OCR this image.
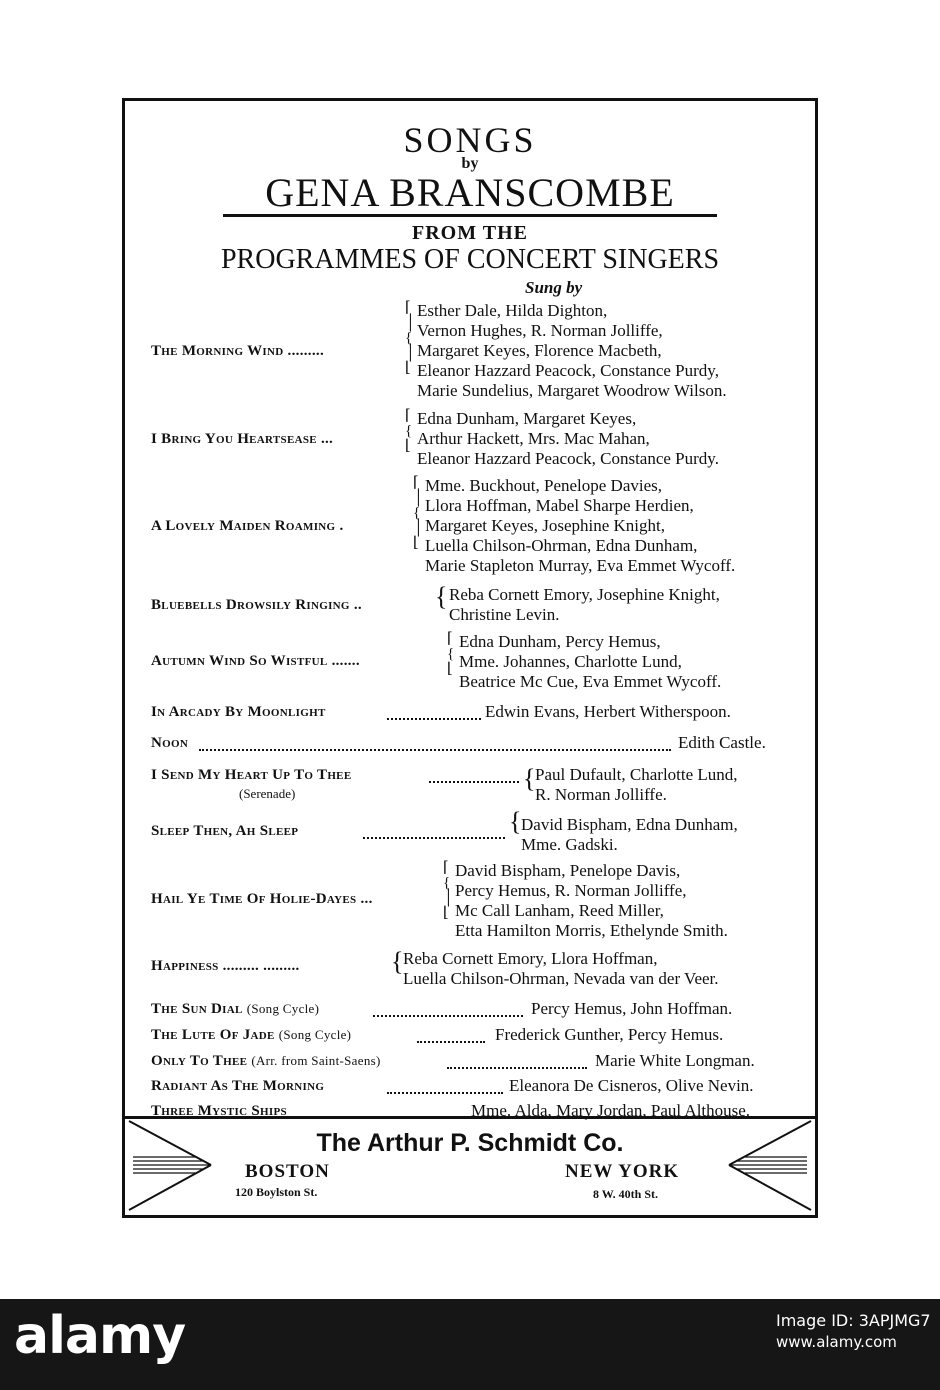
SONGS
by
GENA BRANSCOMBE
FROM THE
PROGRAMMES OF CONCERT SINGERS
Sung by
The Morning Wind .........
⌈
│
{
│
⌊
Esther Dale, Hilda Dighton,
Vernon Hughes, R. Norman Jolliffe,
Margaret Keyes, Florence Macbeth,
Eleanor Hazzard Peacock, Constance Purdy,
Marie Sundelius, Margaret Woodrow Wilson.
I Bring You Heartsease ...
⌈
{
⌊
Edna Dunham, Margaret Keyes,
Arthur Hackett, Mrs. Mac Mahan,
Eleanor Hazzard Peacock, Constance Purdy.
A Lovely Maiden Roaming .
⌈
│
{
│
⌊
Mme. Buckhout, Penelope Davies,
Llora Hoffman, Mabel Sharpe Herdien,
Margaret Keyes, Josephine Knight,
Luella Chilson-Ohrman, Edna Dunham,
Marie Stapleton Murray, Eva Emmet Wycoff.
Bluebells Drowsily Ringing ..	{ Reba Cornett Emory, Josephine Knight,
Christine Levin.
Autumn Wind So Wistful .......
⌈
{
⌊
Edna Dunham, Percy Hemus,
Mme. Johannes, Charlotte Lund,
Beatrice Mc Cue, Eva Emmet Wycoff.
In Arcady By Moonlight	Edwin Evans, Herbert Witherspoon.
Noon	Edith Castle.
I Send My Heart Up To Thee
(Serenade)
{ Paul Dufault, Charlotte Lund,
R. Norman Jolliffe.
Sleep Then, Ah Sleep	{ David Bispham, Edna Dunham,
Mme. Gadski.
Hail Ye Time Of Holie-Dayes ...
⌈
{
│
⌊
David Bispham, Penelope Davis,
Percy Hemus, R. Norman Jolliffe,
Mc Call Lanham, Reed Miller,
Etta Hamilton Morris, Ethelynde Smith.
Happiness ......... .........	{ Reba Cornett Emory, Llora Hoffman,
Luella Chilson-Ohrman, Nevada van der Veer.
The Sun Dial (Song Cycle)	Percy Hemus, John Hoffman.
The Lute Of Jade (Song Cycle)	Frederick Gunther, Percy Hemus.
Only To Thee (Arr. from Saint-Saens)	Marie White Longman.
Radiant As The Morning	Eleanora De Cisneros, Olive Nevin.
Three Mystic Ships	Mme. Alda, Mary Jordan, Paul Althouse.
The Arthur P. Schmidt Co.
BOSTON
120 Boylston St.
NEW YORK
8 W. 40th St.
alamy	Image ID: 3APJMG7
www.alamy.com
